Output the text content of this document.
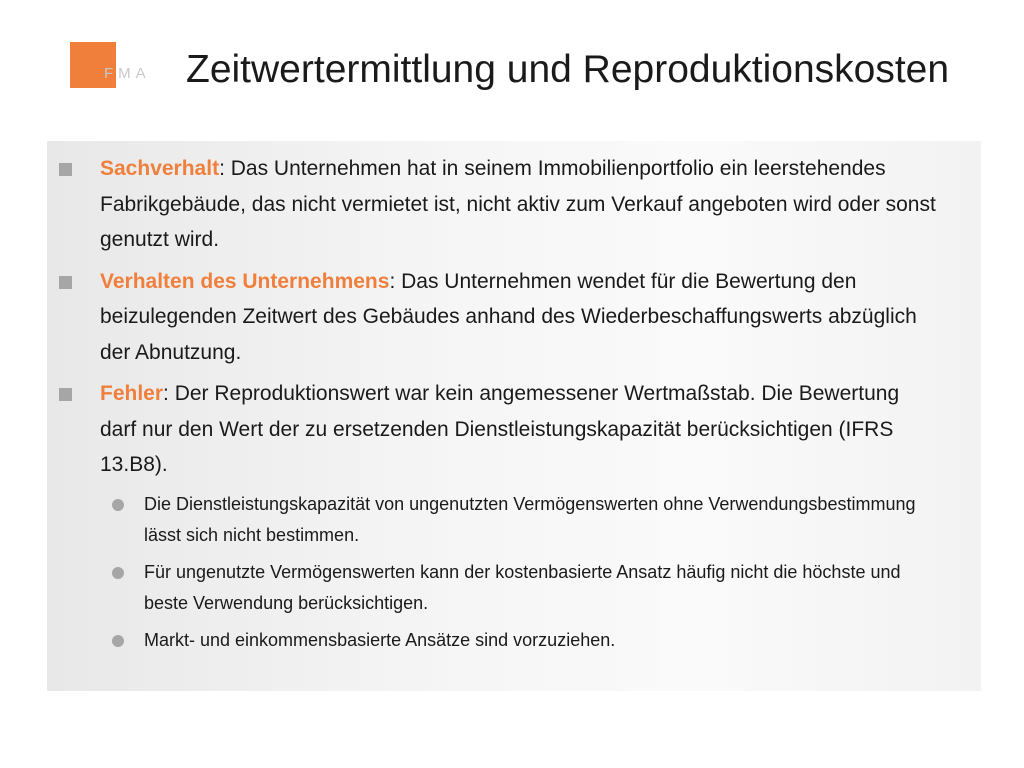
FMA Zeitwertermittlung und Reproduktionskosten
Sachverhalt: Das Unternehmen hat in seinem Immobilienportfolio ein leerstehendes Fabrikgebäude, das nicht vermietet ist, nicht aktiv zum Verkauf angeboten wird oder sonst genutzt wird.
Verhalten des Unternehmens: Das Unternehmen wendet für die Bewertung den beizulegenden Zeitwert des Gebäudes anhand des Wiederbeschaffungswerts abzüglich der Abnutzung.
Fehler: Der Reproduktionswert war kein angemessener Wertmaßstab. Die Bewertung darf nur den Wert der zu ersetzenden Dienstleistungskapazität berücksichtigen (IFRS 13.B8).
Die Dienstleistungskapazität von ungenutzten Vermögenswerten ohne Verwendungsbestimmung lässt sich nicht bestimmen.
Für ungenutzte Vermögenswerten kann der kostenbasierte Ansatz häufig nicht die höchste und beste Verwendung berücksichtigen.
Markt- und einkommensbasierte Ansätze sind vorzuziehen.
